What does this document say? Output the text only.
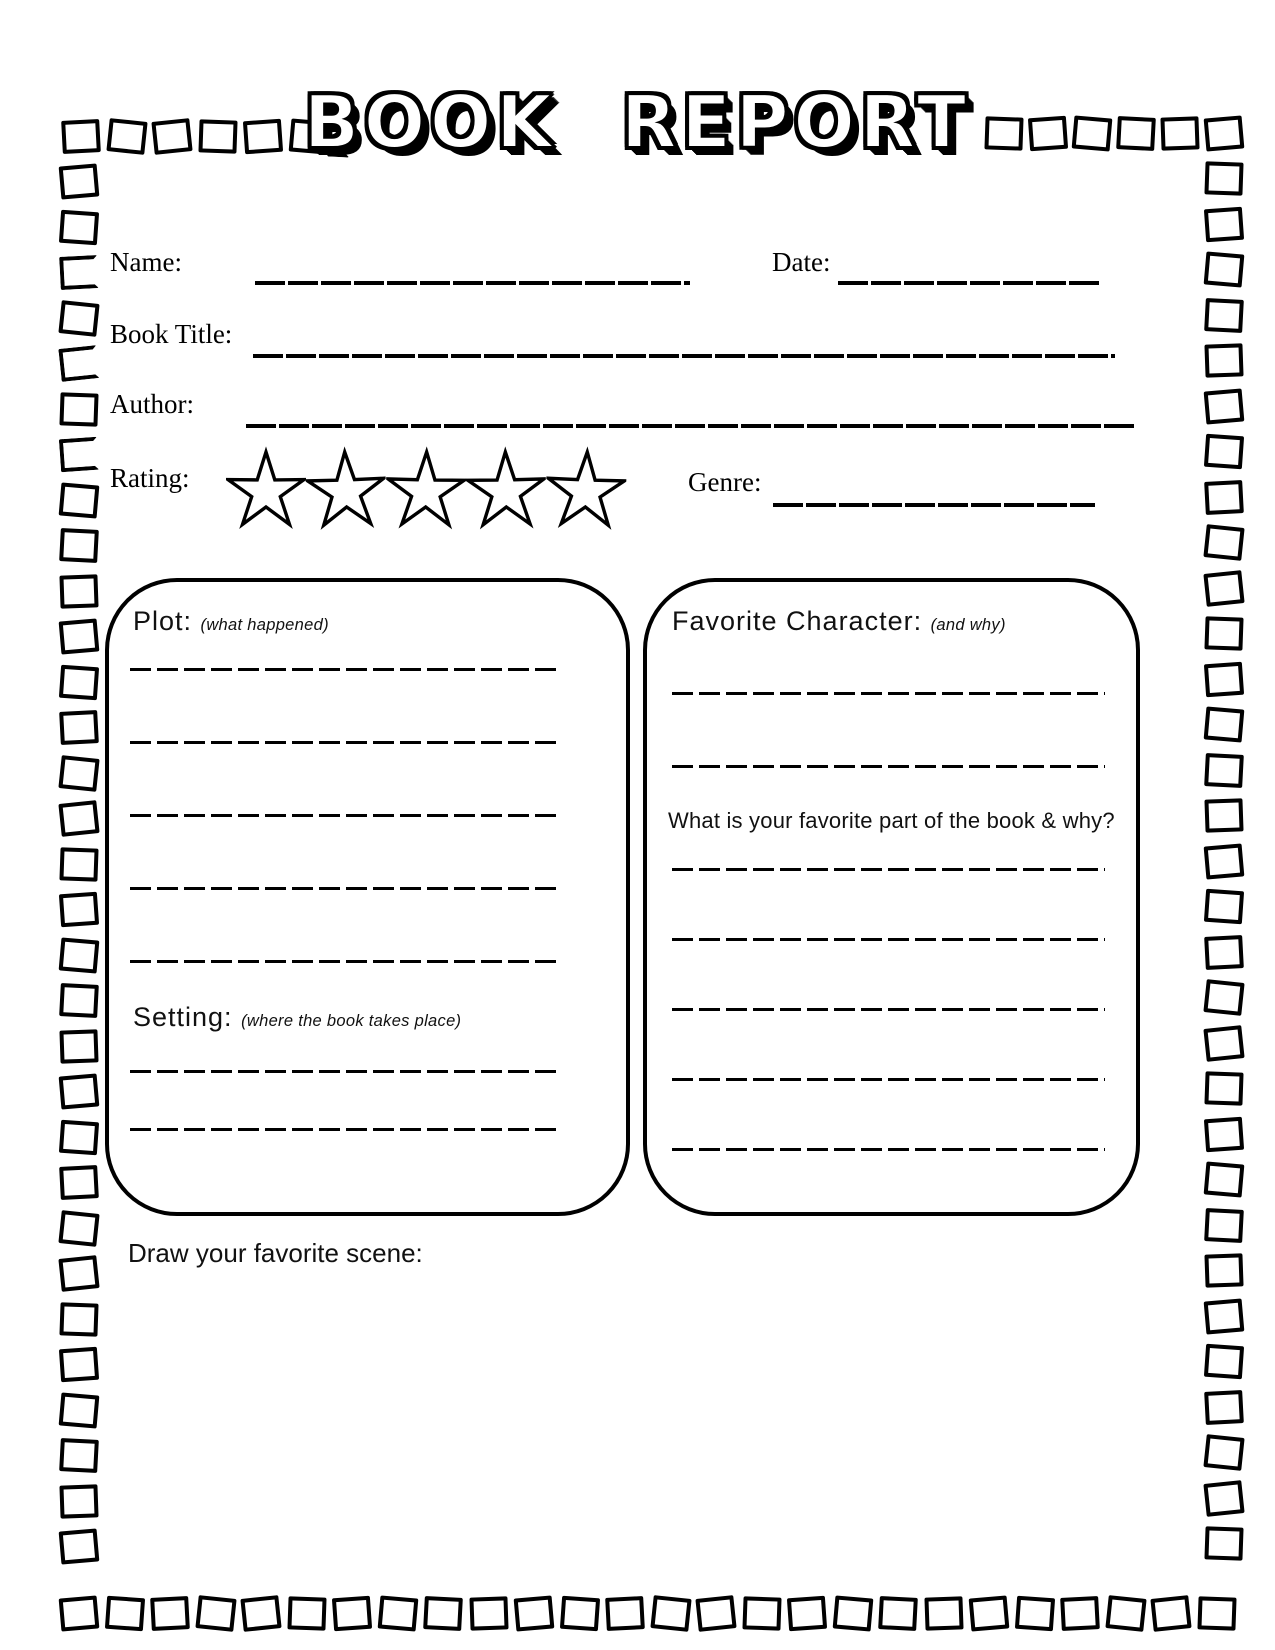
BOOK REPORT
Name:	Date:
Book Title:
Author:
Rating:	Genre:
Plot: (what happened)
Setting: (where the book takes place)
Favorite Character: (and why)
What is your favorite part of the book & why?
Draw your favorite scene:
